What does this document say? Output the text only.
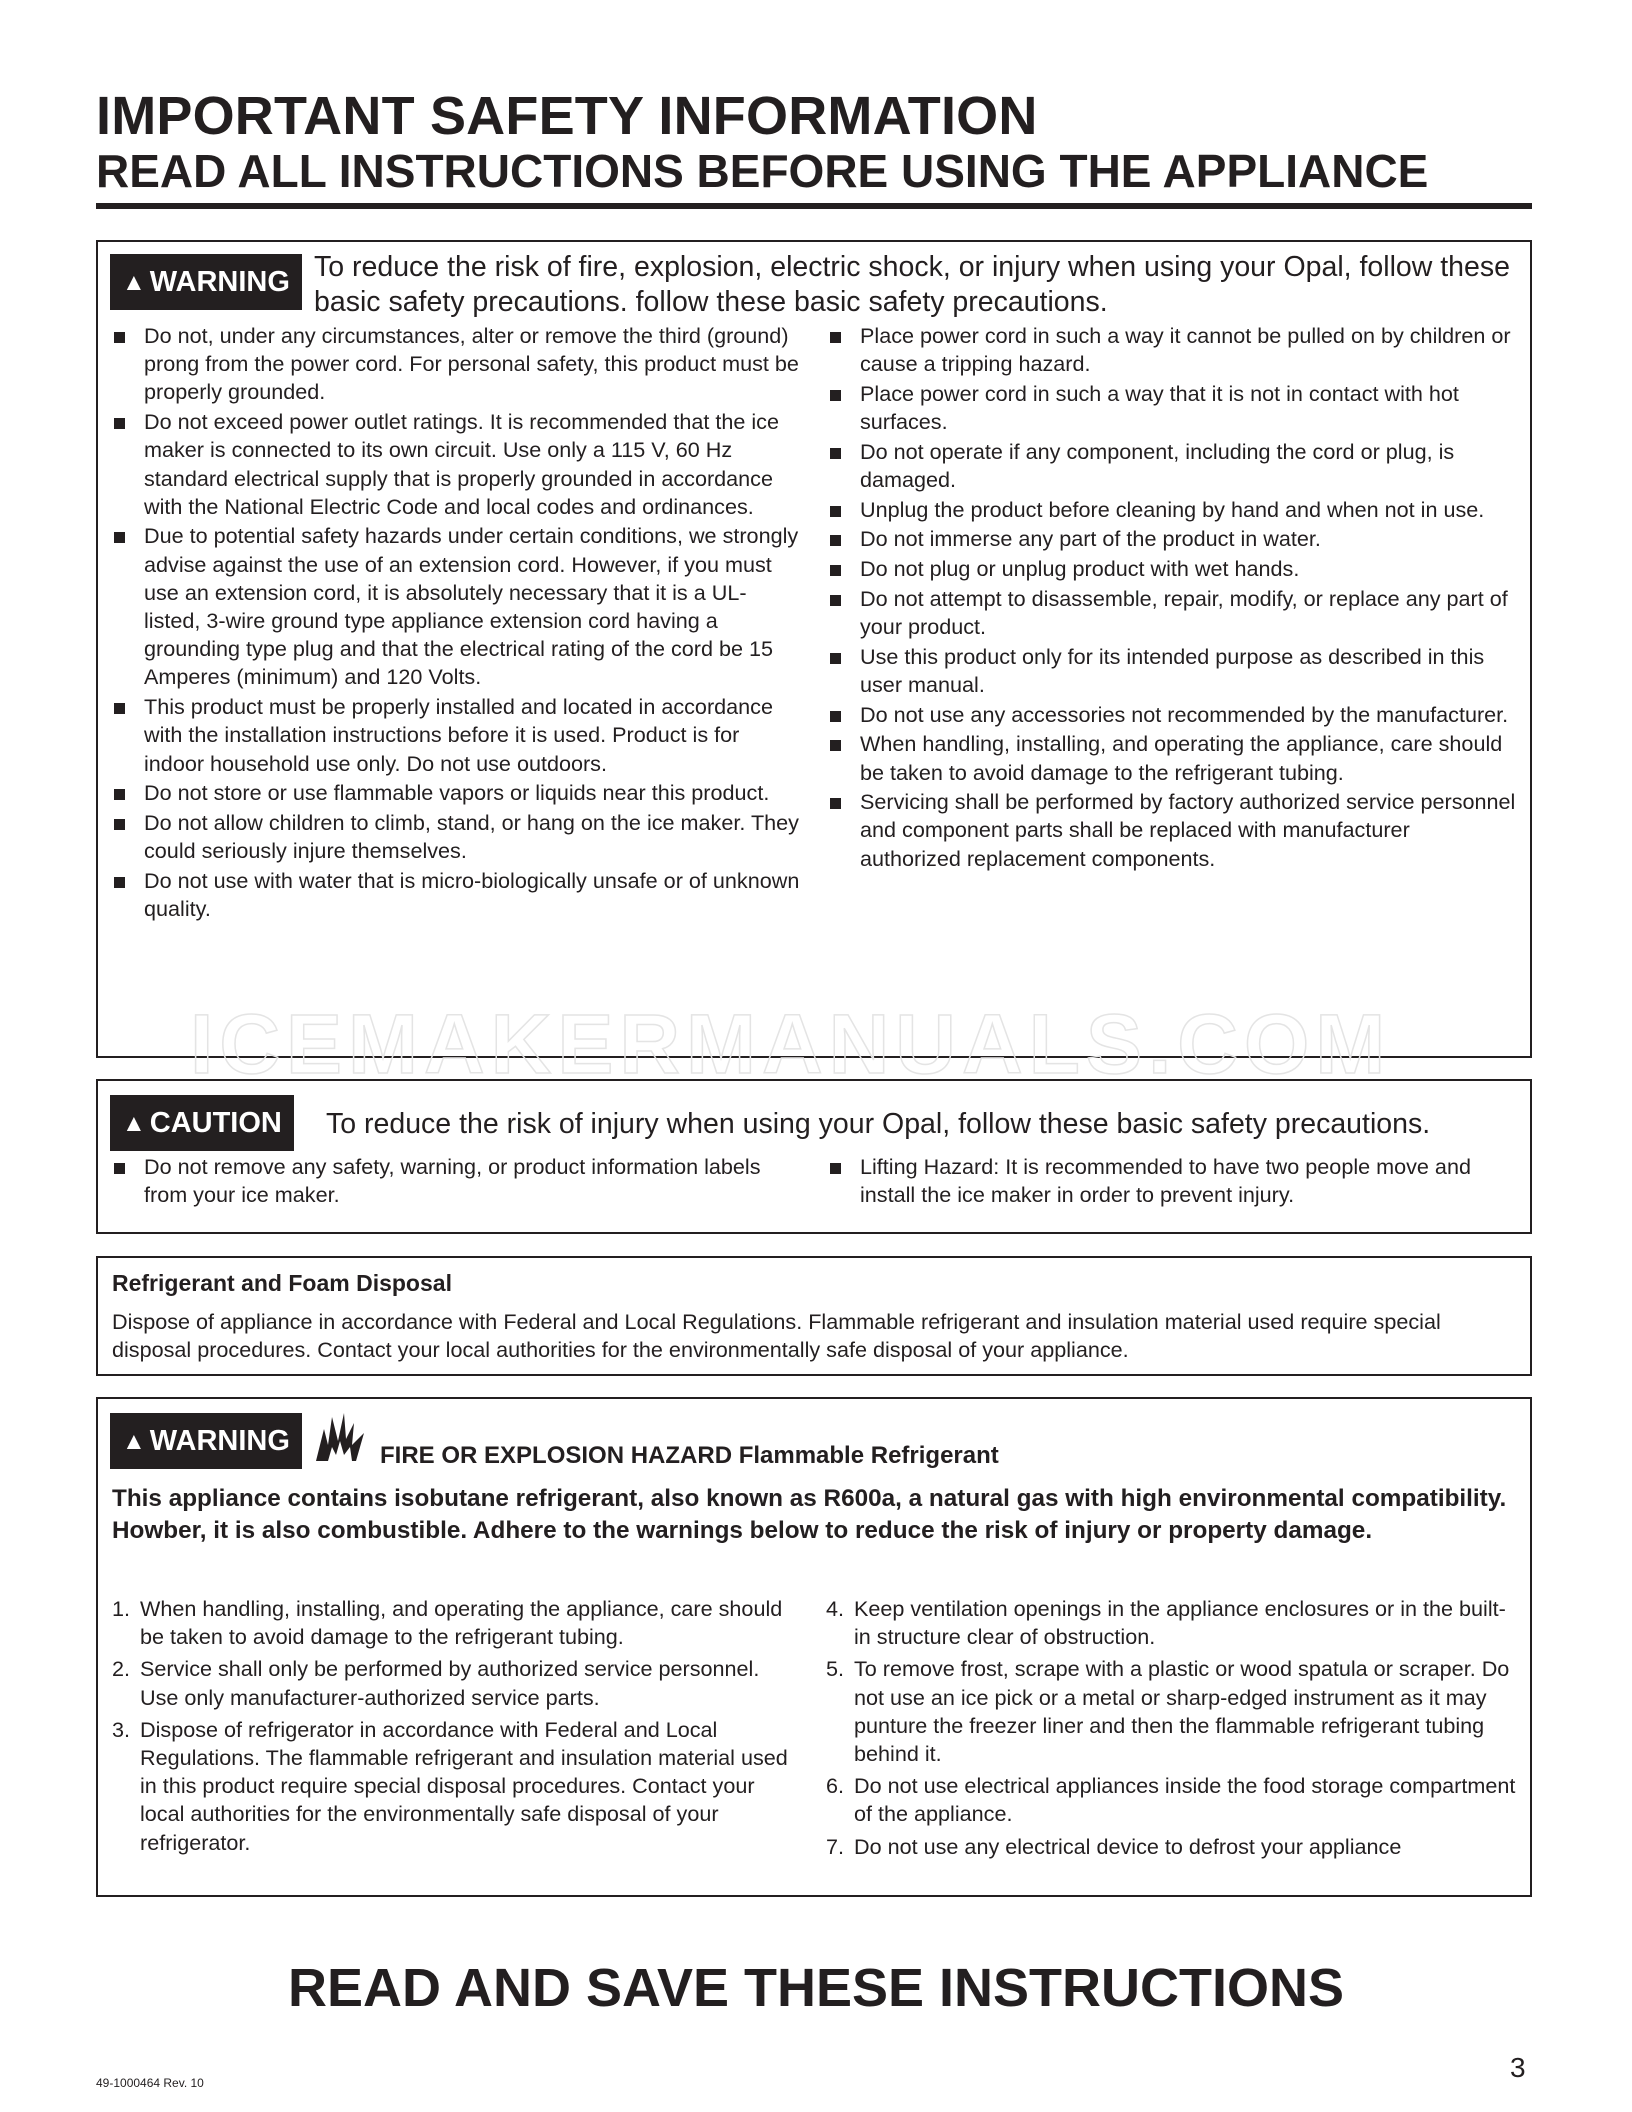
IMPORTANT SAFETY INFORMATION
READ ALL INSTRUCTIONS BEFORE USING THE APPLIANCE
▲ WARNING To reduce the risk of fire, explosion, electric shock, or injury when using your Opal, follow these basic safety precautions. follow these basic safety precautions.

Do not, under any circumstances, alter or remove the third (ground) prong from the power cord. For personal safety, this product must be properly grounded.
Do not exceed power outlet ratings. It is recommended that the ice maker is connected to its own circuit. Use only a 115 V, 60 Hz standard electrical supply that is properly grounded in accordance with the National Electric Code and local codes and ordinances.
Due to potential safety hazards under certain conditions, we strongly advise against the use of an extension cord. However, if you must use an extension cord, it is absolutely necessary that it is a UL-listed, 3-wire ground type appliance extension cord having a grounding type plug and that the electrical rating of the cord be 15 Amperes (minimum) and 120 Volts.
This product must be properly installed and located in accordance with the installation instructions before it is used. Product is for indoor household use only. Do not use outdoors.
Do not store or use flammable vapors or liquids near this product.
Do not allow children to climb, stand, or hang on the ice maker. They could seriously injure themselves.
Do not use with water that is micro-biologically unsafe or of unknown quality.
Place power cord in such a way it cannot be pulled on by children or cause a tripping hazard.
Place power cord in such a way that it is not in contact with hot surfaces.
Do not operate if any component, including the cord or plug, is damaged.
Unplug the product before cleaning by hand and when not in use.
Do not immerse any part of the product in water.
Do not plug or unplug product with wet hands.
Do not attempt to disassemble, repair, modify, or replace any part of your product.
Use this product only for its intended purpose as described in this user manual.
Do not use any accessories not recommended by the manufacturer.
When handling, installing, and operating the appliance, care should be taken to avoid damage to the refrigerant tubing.
Servicing shall be performed by factory authorized service personnel and component parts shall be replaced with manufacturer authorized replacement components.
ICEMAKERMANUALS.COM
▲ CAUTION	To reduce the risk of injury when using your Opal, follow these basic safety precautions.

Do not remove any safety, warning, or product information labels from your ice maker.
Lifting Hazard: It is recommended to have two people move and install the ice maker in order to prevent injury.

Refrigerant and Foam Disposal

Dispose of appliance in accordance with Federal and Local Regulations. Flammable refrigerant and insulation material used require special disposal procedures. Contact your local authorities for the environmentally safe disposal of your appliance.

▲ WARNING	FIRE OR EXPLOSION HAZARD Flammable Refrigerant

This appliance contains isobutane refrigerant, also known as R600a, a natural gas with high environmental compatibility. Howber, it is also combustible. Adhere to the warnings below to reduce the risk of injury or property damage.

1. When handling, installing, and operating the appliance, care should be taken to avoid damage to the refrigerant tubing.
2. Service shall only be performed by authorized service personnel. Use only manufacturer-authorized service parts.
3. Dispose of refrigerator in accordance with Federal and Local Regulations. The flammable refrigerant and insulation material used in this product require special disposal procedures. Contact your local authorities for the environmentally safe disposal of your refrigerator.
4. Keep ventilation openings in the appliance enclosures or in the built-in structure clear of obstruction.
5. To remove frost, scrape with a plastic or wood spatula or scraper. Do not use an ice pick or a metal or sharp-edged instrument as it may punture the freezer liner and then the flammable refrigerant tubing behind it.
6. Do not use electrical appliances inside the food storage compartment of the appliance.
7. Do not use any electrical device to defrost your appliance
READ AND SAVE THESE INSTRUCTIONS
49-1000464 Rev. 10	3
